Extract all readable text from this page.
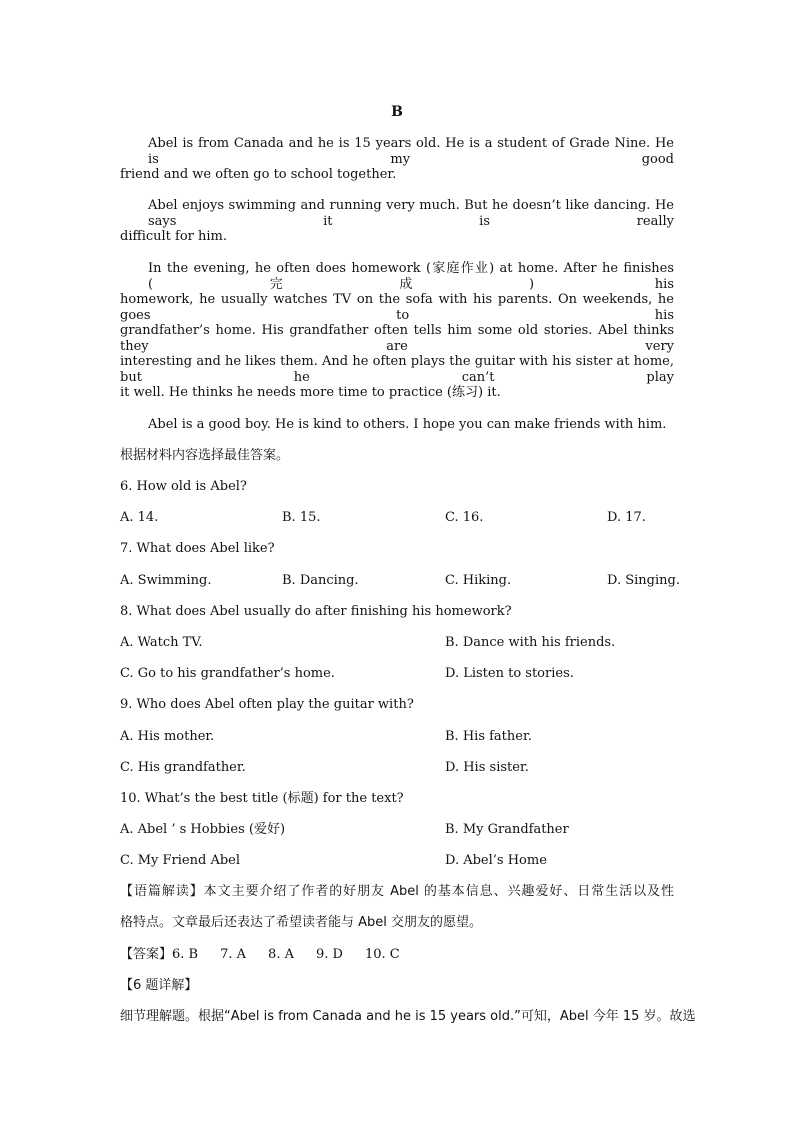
B
Abel is from Canada and he is 15 years old. He is a student of Grade Nine. He is my good
friend and we often go to school together.
Abel enjoys swimming and running very much. But he doesn’t like dancing. He says it is really
difficult for him.
In the evening, he often does homework (家庭作业) at home. After he finishes (完成) his
homework, he usually watches TV on the sofa with his parents. On weekends, he goes to his
grandfather’s home. His grandfather often tells him some old stories. Abel thinks they are very
interesting and he likes them. And he often plays the guitar with his sister at home, but he can’t play
it well. He thinks he needs more time to practice (练习) it.
Abel is a good boy. He is kind to others. I hope you can make friends with him.
根据材料内容选择最佳答案。
6. How old is Abel?
A. 14.	B. 15.	C. 16.	D. 17.
7. What does Abel like?
A. Swimming.	B. Dancing.	C. Hiking.	D. Singing.
8. What does Abel usually do after finishing his homework?
A. Watch TV.	B. Dance with his friends.
C. Go to his grandfather’s home.	D. Listen to stories.
9. Who does Abel often play the guitar with?
A. His mother.	B. His father.
C. His grandfather.	D. His sister.
10. What’s the best title (标题) for the text?
A. Abel ’ s Hobbies (爱好)	B. My Grandfather
C. My Friend Abel	D. Abel’s Home
【语篇解读】本文主要介绍了作者的好朋友 Abel 的基本信息、兴趣爱好、日常生活以及性
格特点。文章最后还表达了希望读者能与 Abel 交朋友的愿望。
【答案】6. B 7. A 8. A 9. D 10. C
【6 题详解】
细节理解题。根据“Abel is from Canada and he is 15 years old.”可知，Abel 今年 15 岁。故选
